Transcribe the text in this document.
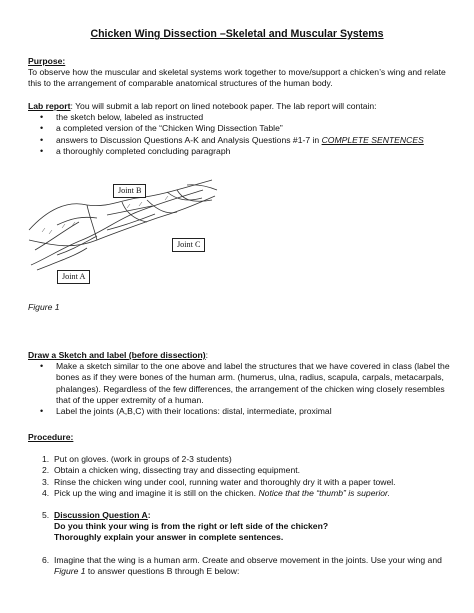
Chicken Wing Dissection –Skeletal and Muscular Systems
Purpose:
To observe how the muscular and skeletal systems work together to move/support a chicken’s wing and relate this to the arrangement of comparable anatomical structures of the human body.
Lab report: You will submit a lab report on lined notebook paper. The lab report will contain:
• the sketch below, labeled as instructed
• a completed version of the “Chicken Wing Dissection Table”
• answers to Discussion Questions A-K and Analysis Questions #1-7 in COMPLETE SENTENCES
• a thoroughly completed concluding paragraph
Joint B
Joint C
Joint A
Figure 1
Draw a Sketch and label (before dissection):
• Make a sketch similar to the one above and label the structures that we have covered in class (label the bones as if they were bones of the human arm. (humerus, ulna, radius, scapula, carpals, metacarpals, phalanges). Regardless of the few differences, the arrangement of the chicken wing closely resembles that of the upper extremity of a human.
• Label the joints (A,B,C) with their locations: distal, intermediate, proximal
Procedure:
1. Put on gloves. (work in groups of 2-3 students)
2. Obtain a chicken wing, dissecting tray and dissecting equipment.
3. Rinse the chicken wing under cool, running water and thoroughly dry it with a paper towel.
4. Pick up the wing and imagine it is still on the chicken. Notice that the “thumb” is superior.
5. Discussion Question A:
Do you think your wing is from the right or left side of the chicken?
Thoroughly explain your answer in complete sentences.
6. Imagine that the wing is a human arm. Create and observe movement in the joints. Use your wing and Figure 1 to answer questions B through E below:
